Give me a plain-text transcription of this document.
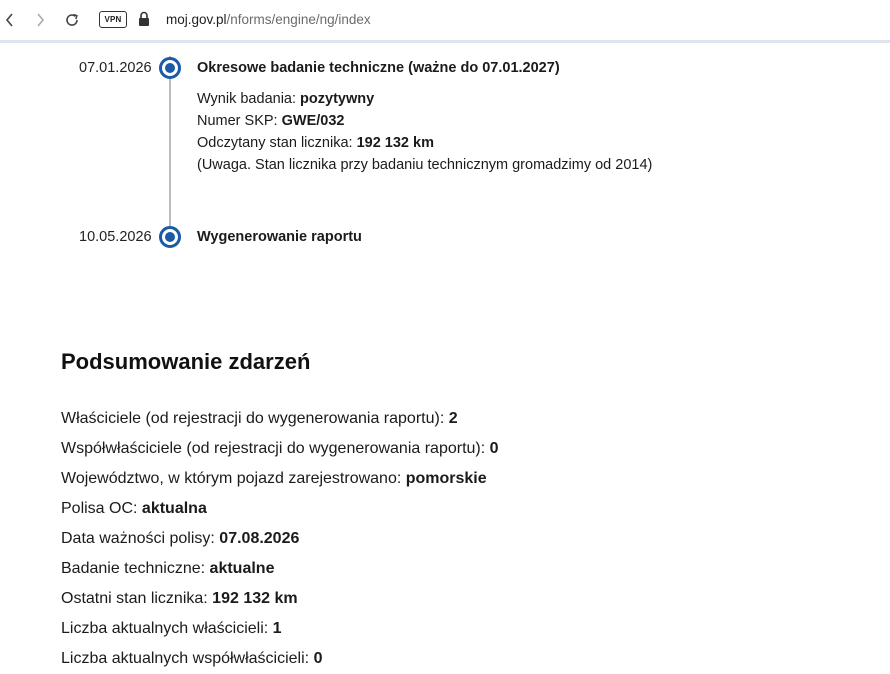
VPN	moj.gov.pl/nforms/engine/ng/index
07.01.2026	Okresowe badanie techniczne (ważne do 07.01.2027)
Wynik badania: pozytywny
Numer SKP: GWE/032
Odczytany stan licznika: 192 132 km
(Uwaga. Stan licznika przy badaniu technicznym gromadzimy od 2014)
10.05.2026	Wygenerowanie raportu
Podsumowanie zdarzeń
Właściciele (od rejestracji do wygenerowania raportu): 2
Współwłaściciele (od rejestracji do wygenerowania raportu): 0
Województwo, w którym pojazd zarejestrowano: pomorskie
Polisa OC: aktualna
Data ważności polisy: 07.08.2026
Badanie techniczne: aktualne
Ostatni stan licznika: 192 132 km
Liczba aktualnych właścicieli: 1
Liczba aktualnych współwłaścicieli: 0
